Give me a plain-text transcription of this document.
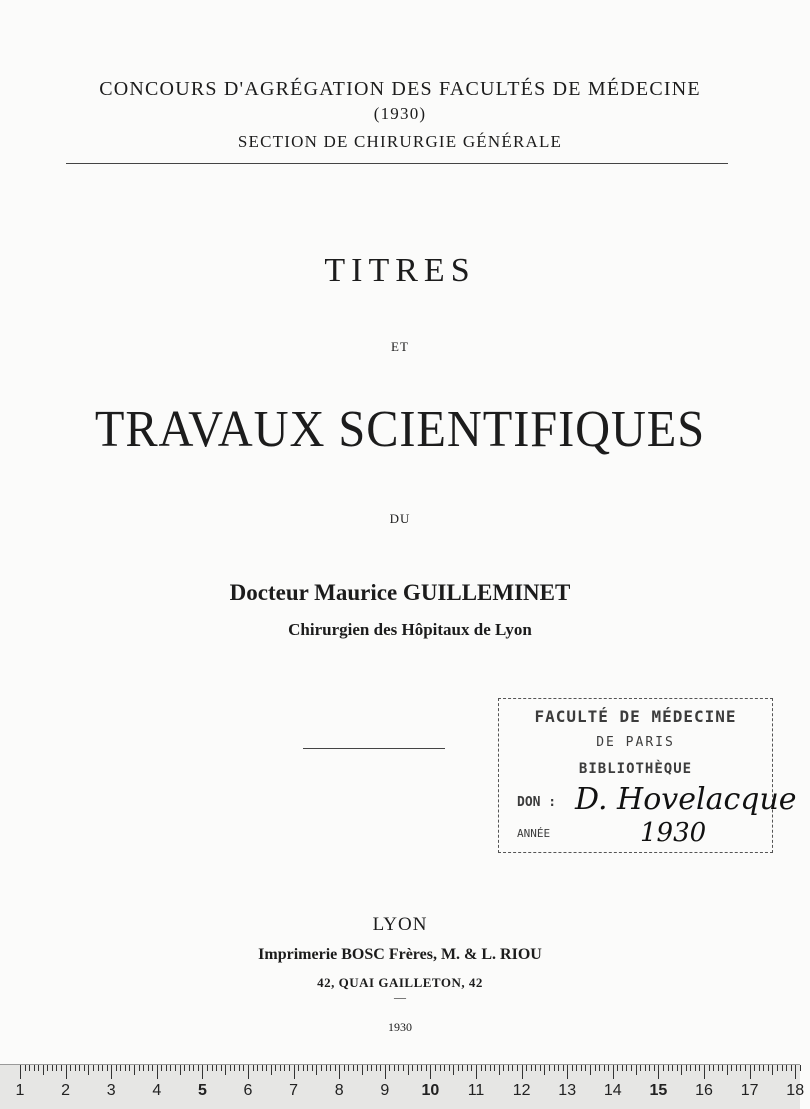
CONCOURS D'AGRÉGATION DES FACULTÉS DE MÉDECINE
(1930)
SECTION DE CHIRURGIE GÉNÉRALE
TITRES
ET
TRAVAUX SCIENTIFIQUES
DU
Docteur Maurice GUILLEMINET
Chirurgien des Hôpitaux de Lyon
FACULTÉ DE MÉDECINE
DE PARIS
BIBLIOTHÈQUE
DON :
ANNÉE
D. Hovelacque
1930
LYON
Imprimerie BOSC Frères, M. & L. RIOU
42, QUAI GAILLETON, 42
—
1930
1 2 3 4 5 6 7 8 9 10 11 12 13 14 15 16 17 18
